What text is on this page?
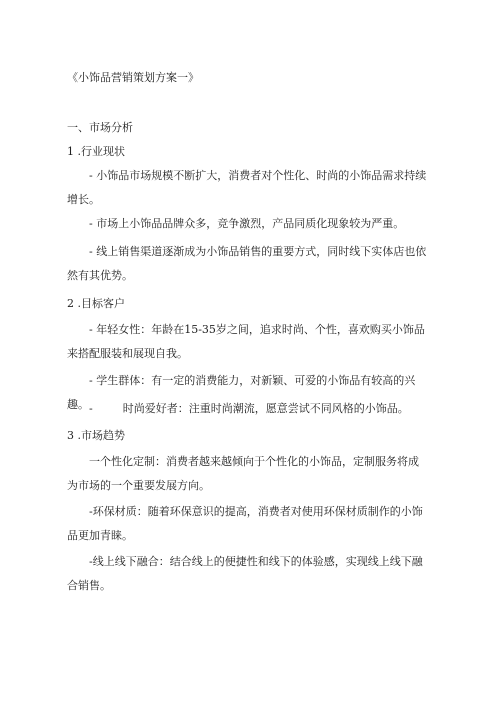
《小饰品营销策划方案一》
一、市场分析
1 .行业现状
- 小饰品市场规模不断扩大，消费者对个性化、时尚的小饰品需求持续增长。
- 市场上小饰品品牌众多，竞争激烈，产品同质化现象较为严重。
- 线上销售渠道逐渐成为小饰品销售的重要方式，同时线下实体店也依然有其优势。
2 .目标客户
- 年轻女性：年龄在15-35岁之间，追求时尚、个性，喜欢购买小饰品来搭配服装和展现自我。
- 学生群体：有一定的消费能力，对新颖、可爱的小饰品有较高的兴趣。 -	时尚爱好者：注重时尚潮流，愿意尝试不同风格的小饰品。
3 .市场趋势
一个性化定制：消费者越来越倾向于个性化的小饰品，定制服务将成为市场的一个重要发展方向。
-环保材质：随着环保意识的提高，消费者对使用环保材质制作的小饰品更加青睐。
-线上线下融合：结合线上的便捷性和线下的体验感，实现线上线下融合销售。
